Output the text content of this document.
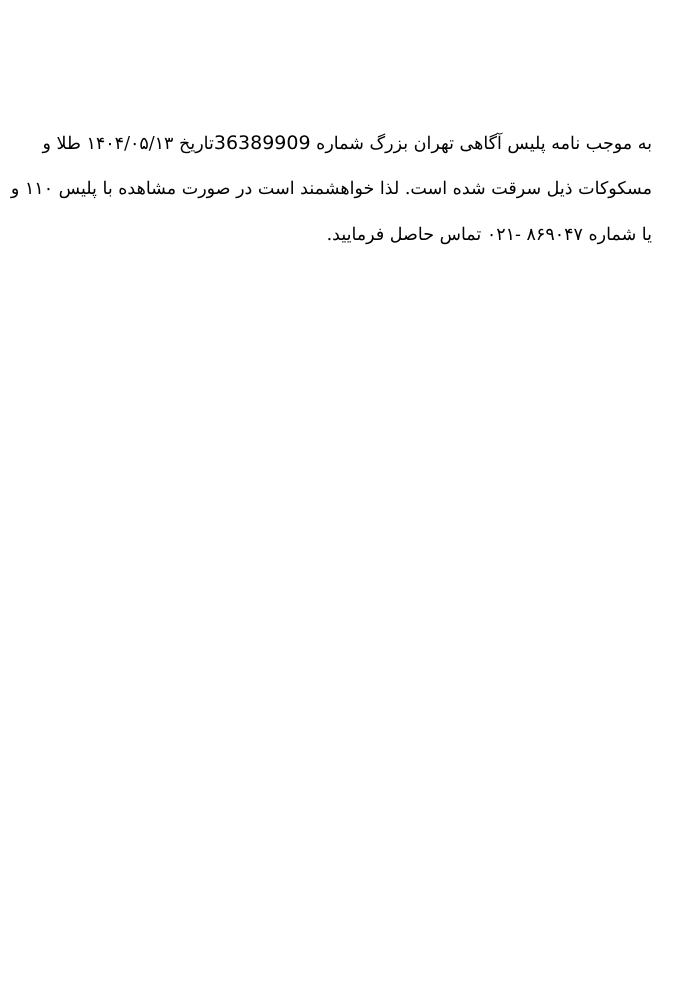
به موجب نامه پلیس آگاهی تهران بزرگ شماره 36389909تاریخ ۱۴۰۴/۰۵/۱۳ طلا و
مسکوکات ذیل سرقت شده است. لذا خواهشمند است در صورت مشاهده با پلیس ۱۱۰ و
یا شماره ۸۶۹۰۴۷ -۰۲۱ تماس حاصل فرمایید.
